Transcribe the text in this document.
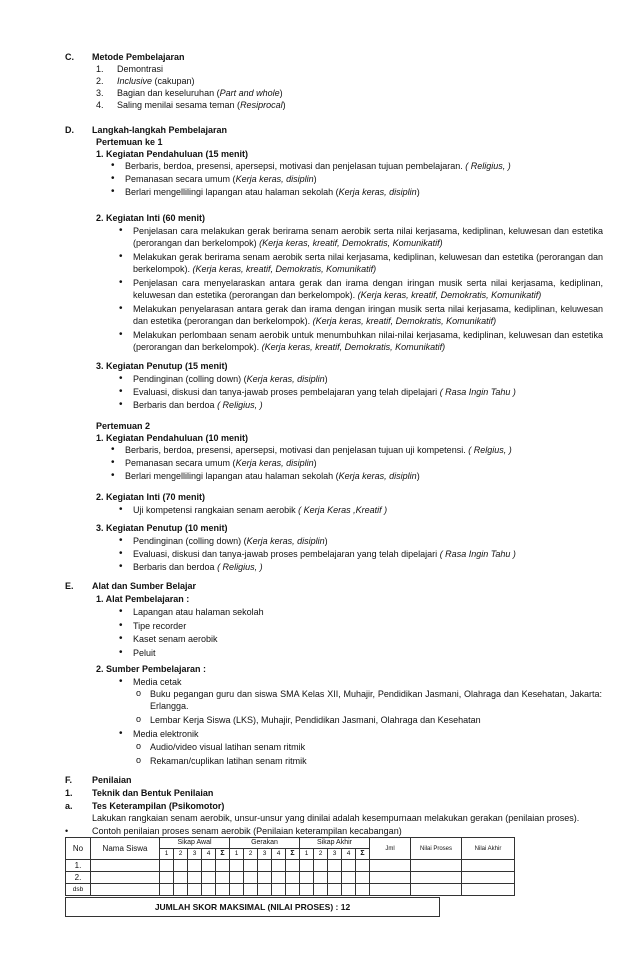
C. Metode Pembelajaran
1. Demontrasi
2. Inclusive (cakupan)
3. Bagian dan keseluruhan (Part and whole)
4. Saling menilai sesama teman (Resiprocal)
D. Langkah-langkah Pembelajaran
Pertemuan ke 1
1. Kegiatan Pendahuluan (15 menit)
• Berbaris, berdoa, presensi, apersepsi, motivasi dan penjelasan tujuan pembelajaran. ( Religius, )
• Pemanasan secara umum (Kerja keras, disiplin)
• Berlari mengellilingi lapangan atau halaman sekolah (Kerja keras, disiplin)
2. Kegiatan Inti (60 menit)
• Penjelasan cara melakukan gerak berirama senam aerobik serta nilai kerjasama, kediplinan, keluwesan dan estetika (perorangan dan berkelompok) (Kerja keras, kreatif, Demokratis, Komunikatif)
• Melakukan gerak berirama senam aerobik serta nilai kerjasama, kediplinan, keluwesan dan estetika (perorangan dan berkelompok). (Kerja keras, kreatif, Demokratis, Komunikatif)
• Penjelasan cara menyelaraskan antara gerak dan irama dengan iringan musik serta nilai kerjasama, kediplinan, keluwesan dan estetika (perorangan dan berkelompok). (Kerja keras, kreatif, Demokratis, Komunikatif)
• Melakukan penyelarasan antara gerak dan irama dengan iringan musik serta nilai kerjasama, kediplinan, keluwesan dan estetika (perorangan dan berkelompok). (Kerja keras, kreatif, Demokratis, Komunikatif)
• Melakukan perlombaan senam aerobik untuk menumbuhkan nilai-nilai kerjasama, kediplinan, keluwesan dan estetika (perorangan dan berkelompok). (Kerja keras, kreatif, Demokratis, Komunikatif)
3. Kegiatan Penutup (15 menit)
• Pendinginan (colling down) (Kerja keras, disiplin)
• Evaluasi, diskusi dan tanya-jawab proses pembelajaran yang telah dipelajari ( Rasa Ingin Tahu )
• Berbaris dan berdoa ( Religius, )
Pertemuan 2
1. Kegiatan Pendahuluan (10 menit)
• Berbaris, berdoa, presensi, apersepsi, motivasi dan penjelasan tujuan uji kompetensi. ( Relgius, )
• Pemanasan secara umum (Kerja keras, disiplin)
• Berlari mengellilingi lapangan atau halaman sekolah (Kerja keras, disiplin)
2. Kegiatan Inti (70 menit)
• Uji kompetensi rangkaian senam aerobik ( Kerja Keras ,Kreatif )
3. Kegiatan Penutup (10 menit)
• Pendinginan (colling down) (Kerja keras, disiplin)
• Evaluasi, diskusi dan tanya-jawab proses pembelajaran yang telah dipelajari ( Rasa Ingin Tahu )
• Berbaris dan berdoa ( Religius, )
E. Alat dan Sumber Belajar
1. Alat Pembelajaran :
• Lapangan atau halaman sekolah
• Tipe recorder
• Kaset senam aerobik
• Peluit
2. Sumber Pembelajaran :
• Media cetak
o Buku pegangan guru dan siswa SMA Kelas XII, Muhajir, Pendidikan Jasmani, Olahraga dan Kesehatan, Jakarta: Erlangga.
o Lembar Kerja Siswa (LKS), Muhajir, Pendidikan Jasmani, Olahraga dan Kesehatan
• Media elektronik
o Audio/video visual latihan senam ritmik
o Rekaman/cuplikan latihan senam ritmik
F. Penilaian
1. Teknik dan Bentuk Penilaian
a. Tes Keterampilan (Psikomotor)
Lakukan rangkaian senam aerobik, unsur-unsur yang dinilai adalah kesempurnaan melakukan gerakan (penilaian proses).
•	Contoh penilaian proses senam aerobik (Penilaian keterampilan kecabangan)
No	Nama Siswa	Sikap Awal					Gerakan					Sikap Akhir					Jml	Nilai Proses	Nilai Akhir
		1	2	3	4	Σ	1	2	3	4	Σ	1	2	3	4	Σ			
1.																			
2.																			
dsb																			
JUMLAH SKOR MAKSIMAL (NILAI PROSES) : 12
